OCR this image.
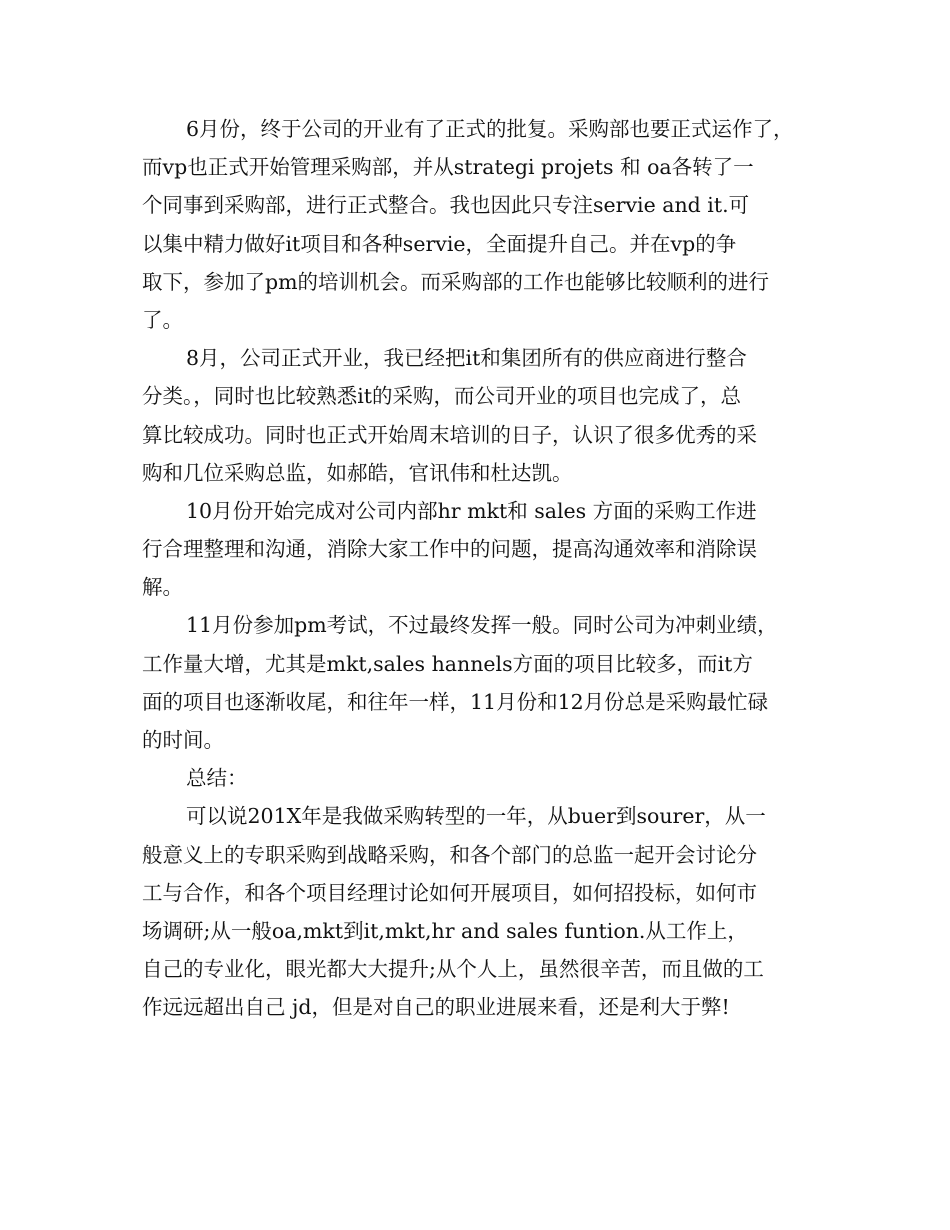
6月份，终于公司的开业有了正式的批复。采购部也要正式运作了，
而vp也正式开始管理采购部，并从strategi projets 和 oa各转了一
个同事到采购部，进行正式整合。我也因此只专注servie and it.可
以集中精力做好it项目和各种servie，全面提升自己。并在vp的争
取下，参加了pm的培训机会。而采购部的工作也能够比较顺利的进行
了。
8月，公司正式开业，我已经把it和集团所有的供应商进行整合
分类。，同时也比较熟悉it的采购，而公司开业的项目也完成了，总
算比较成功。同时也正式开始周末培训的日子，认识了很多优秀的采
购和几位采购总监，如郝皓，官讯伟和杜达凯。
10月份开始完成对公司内部hr mkt和 sales 方面的采购工作进
行合理整理和沟通，消除大家工作中的问题，提高沟通效率和消除误
解。
11月份参加pm考试，不过最终发挥一般。同时公司为冲刺业绩，
工作量大增，尤其是mkt,sales hannels方面的项目比较多，而it方
面的项目也逐渐收尾，和往年一样，11月份和12月份总是采购最忙碌
的时间。
总结：
可以说201X年是我做采购转型的一年，从buer到sourer，从一
般意义上的专职采购到战略采购，和各个部门的总监一起开会讨论分
工与合作，和各个项目经理讨论如何开展项目，如何招投标，如何市
场调研;从一般oa,mkt到it,mkt,hr and sales funtion.从工作上，
自己的专业化，眼光都大大提升;从个人上，虽然很辛苦，而且做的工
作远远超出自己 jd，但是对自己的职业进展来看，还是利大于弊!
